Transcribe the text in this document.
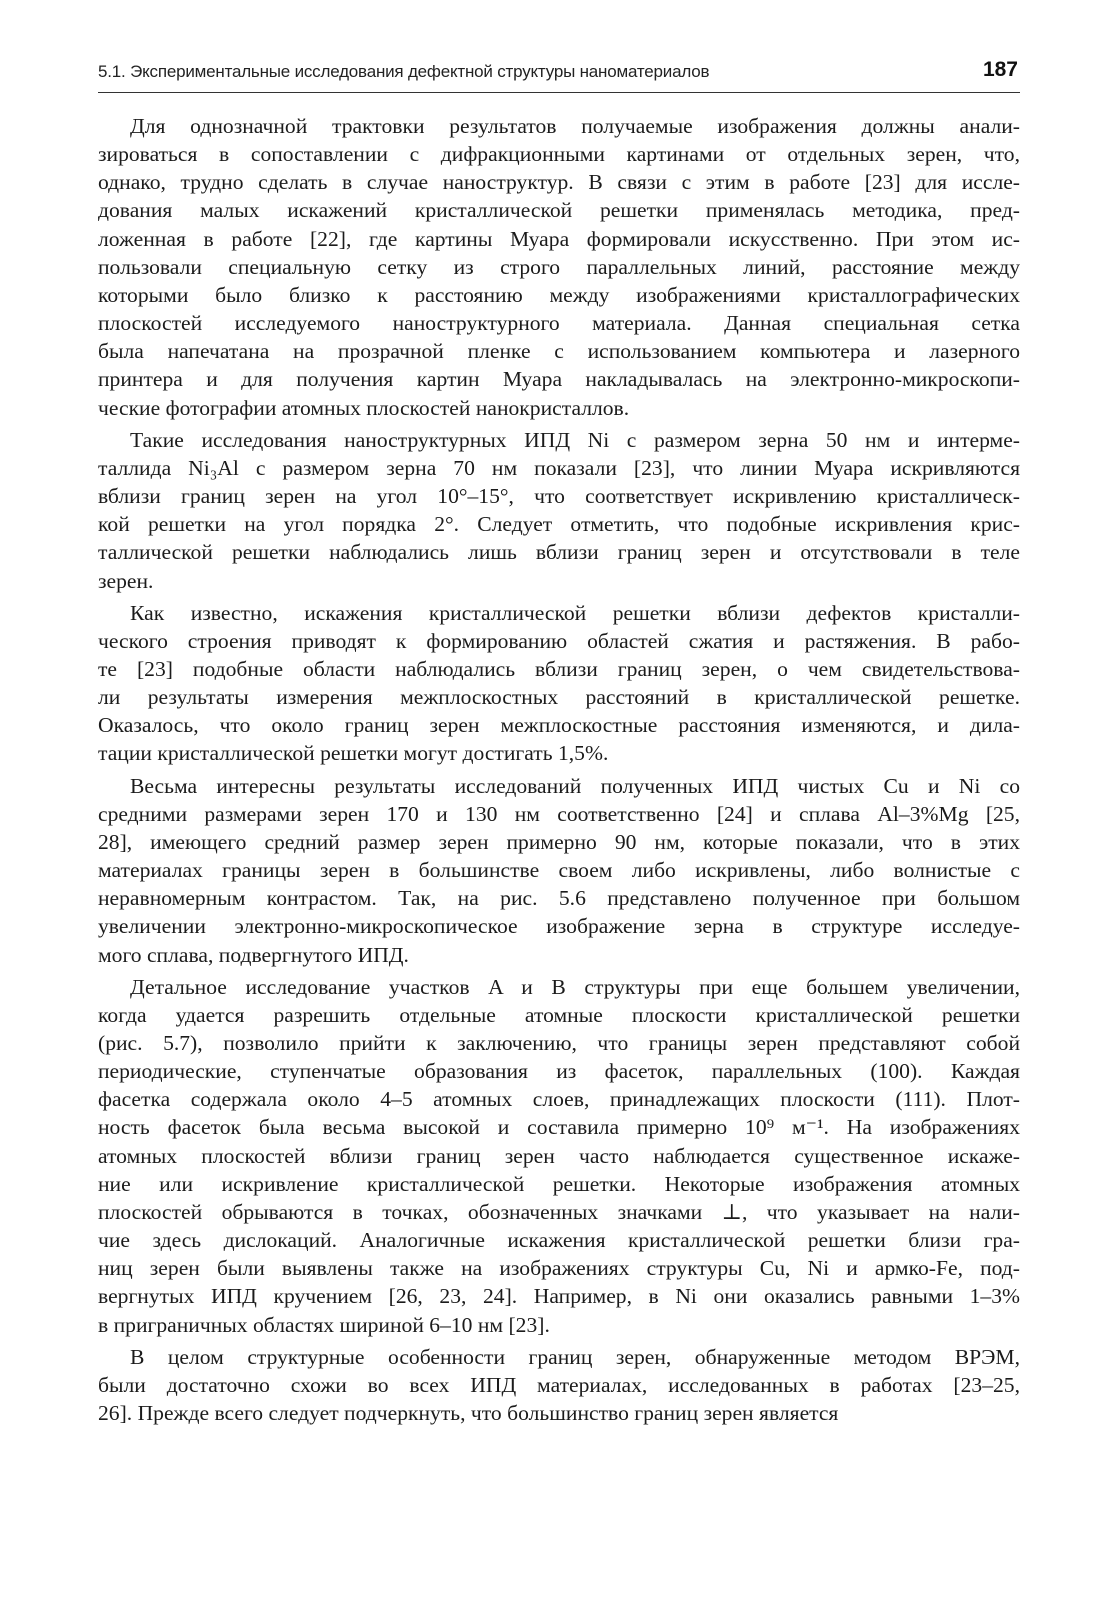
5.1. Экспериментальные исследования дефектной структуры наноматериалов	187
Для однозначной трактовки результатов получаемые изображения должны анали-
зироваться в сопоставлении с дифракционными картинами от отдельных зерен, что,
однако, трудно сделать в случае наноструктур. В связи с этим в работе [23] для иссле-
дования малых искажений кристаллической решетки применялась методика, пред-
ложенная в работе [22], где картины Муара формировали искусственно. При этом ис-
пользовали специальную сетку из строго параллельных линий, расстояние между
которыми было близко к расстоянию между изображениями кристаллографических
плоскостей исследуемого наноструктурного материала. Данная специальная сетка
была напечатана на прозрачной пленке с использованием компьютера и лазерного
принтера и для получения картин Муара накладывалась на электронно-микроскопи-
ческие фотографии атомных плоскостей нанокристаллов.
Такие исследования наноструктурных ИПД Ni с размером зерна 50 нм и интерме-
таллида Ni₃Al с размером зерна 70 нм показали [23], что линии Муара искривляются
вблизи границ зерен на угол 10°–15°, что соответствует искривлению кристаллическ-
кой решетки на угол порядка 2°. Следует отметить, что подобные искривления крис-
таллической решетки наблюдались лишь вблизи границ зерен и отсутствовали в теле
зерен.
Как известно, искажения кристаллической решетки вблизи дефектов кристалли-
ческого строения приводят к формированию областей сжатия и растяжения. В рабо-
те [23] подобные области наблюдались вблизи границ зерен, о чем свидетельствова-
ли результаты измерения межплоскостных расстояний в кристаллической решетке.
Оказалось, что около границ зерен межплоскостные расстояния изменяются, и дила-
тации кристаллической решетки могут достигать 1,5%.
Весьма интересны результаты исследований полученных ИПД чистых Cu и Ni со
средними размерами зерен 170 и 130 нм соответственно [24] и сплава Al–3%Mg [25,
28], имеющего средний размер зерен примерно 90 нм, которые показали, что в этих
материалах границы зерен в большинстве своем либо искривлены, либо волнистые с
неравномерным контрастом. Так, на рис. 5.6 представлено полученное при большом
увеличении электронно-микроскопическое изображение зерна в структуре исследуе-
мого сплава, подвергнутого ИПД.
Детальное исследование участков A и B структуры при еще большем увеличении,
когда удается разрешить отдельные атомные плоскости кристаллической решетки
(рис. 5.7), позволило прийти к заключению, что границы зерен представляют собой
периодические, ступенчатые образования из фасеток, параллельных (100). Каждая
фасетка содержала около 4–5 атомных слоев, принадлежащих плоскости (111). Плот-
ность фасеток была весьма высокой и составила примерно 10⁹ м⁻¹. На изображениях
атомных плоскостей вблизи границ зерен часто наблюдается существенное искаже-
ние или искривление кристаллической решетки. Некоторые изображения атомных
плоскостей обрываются в точках, обозначенных значками ⊥, что указывает на нали-
чие здесь дислокаций. Аналогичные искажения кристаллической решетки близи гра-
ниц зерен были выявлены также на изображениях структуры Cu, Ni и армко-Fe, под-
вергнутых ИПД кручением [26, 23, 24]. Например, в Ni они оказались равными 1–3%
в приграничных областях шириной 6–10 нм [23].
В целом структурные особенности границ зерен, обнаруженные методом ВРЭМ,
были достаточно схожи во всех ИПД материалах, исследованных в работах [23–25,
26]. Прежде всего следует подчеркнуть, что большинство границ зерен является
